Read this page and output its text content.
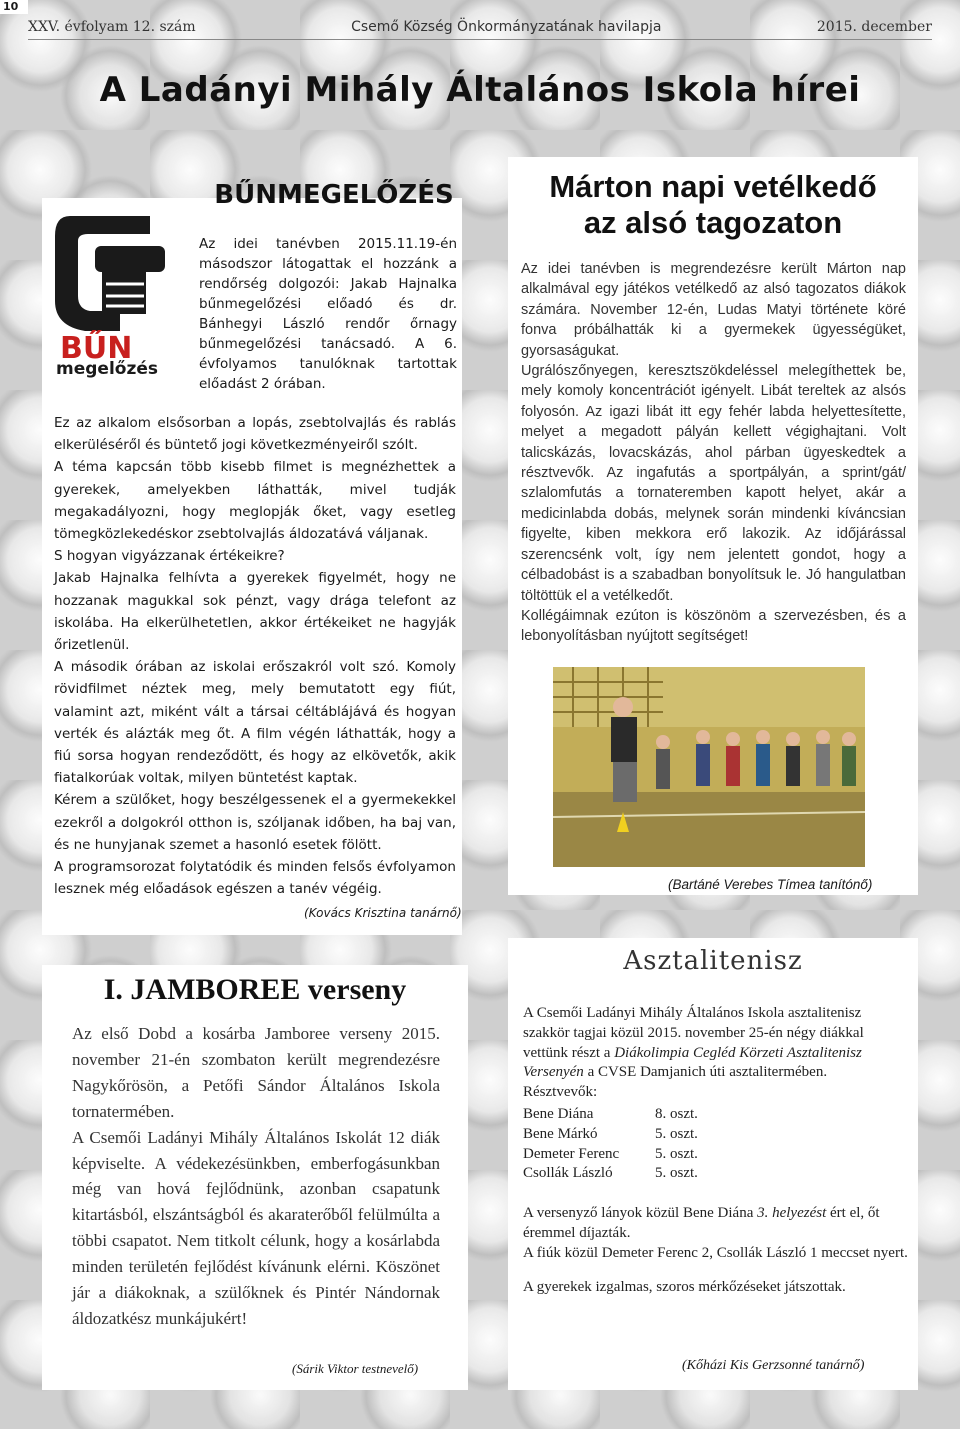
10
XXV. évfolyam 12. szám	Csemő Község Önkormányzatának havilapja	2015. december
A Ladányi Mihály Általános Iskola hírei
BŰN
megelőzés
BŰNMEGELŐZÉS
Az idei tanévben 2015.11.19-én másodszor látogattak el hozzánk a rendőrség dolgozói: Jakab Hajnalka bűnmegelőzési előadó és dr. Bánhegyi László rendőr őrnagy bűnmegelőzési tanácsadó. A 6. évfolyamos tanulóknak tartottak előadást 2 órában.

Ez az alkalom elsősorban a lopás, zsebtolvajlás és rablás elkerüléséről és büntető jogi következményeiről szólt.

A téma kapcsán több kisebb filmet is megnézhettek a gyerekek, amelyekben láthatták, mivel tudják megakadályozni, hogy meglopják őket, vagy esetleg tömegközlekedéskor zsebtolvajlás áldozatává váljanak.

S hogyan vigyázzanak értékeikre?

Jakab Hajnalka felhívta a gyerekek figyelmét, hogy ne hozzanak magukkal sok pénzt, vagy drága telefont az iskolába. Ha elkerülhetetlen, akkor értékeiket ne hagyják őrizetlenül.

A második órában az iskolai erőszakról volt szó. Komoly rövidfilmet néztek meg, mely bemutatott egy fiút, valamint azt, miként vált a társai céltáblájává és hogyan verték és alázták meg őt. A film végén láthatták, hogy a fiú sorsa hogyan rendeződött, és hogy az elkövetők, akik fiatalkorúak voltak, milyen büntetést kaptak.

Kérem a szülőket, hogy beszélgessenek el a gyermekekkel ezekről a dolgokról otthon is, szóljanak időben, ha baj van, és ne hunyjanak szemet a hasonló esetek fölött.

A programsorozat folytatódik és minden felsős évfolyamon lesznek még előadások egészen a tanév végéig.

(Kovács Krisztina tanárnő)
Márton napi vetélkedő
az alsó tagozaton

Az idei tanévben is megrendezésre került Márton nap alkalmával egy játékos vetélkedő az alsó tagozatos diákok számára. November 12-én, Ludas Matyi története köré fonva próbálhatták ki a gyermekek ügyességüket, gyorsaságukat.

Ugrálószőnyegen, keresztszökdeléssel melegíthettek be, mely komoly koncentrációt igényelt. Libát tereltek az alsós folyosón. Az igazi libát itt egy fehér labda helyettesítette, melyet a megadott pályán kellett végighajtani. Volt talicskázás, lovacskázás, ahol párban ügyeskedtek a résztvevők. Az ingafutás a sportpályán, a sprint/gát/ szlalomfutás a tornateremben kapott helyet, akár a medicinlabda dobás, melynek során mindenki kíváncsian figyelte, kiben mekkora erő lakozik. Az időjárással szerencsénk volt, így nem jelentett gondot, hogy a célbadobást is a szabadban bonyolítsuk le. Jó hangulatban töltöttük el a vetélkedőt.

Kollégáimnak ezúton is köszönöm a szervezésben, és a lebonyolításban nyújtott segítséget!

(Bartáné Verebes Tímea tanítónő)
I. JAMBOREE verseny

Az első Dobd a kosárba Jamboree verseny 2015. november 21-én szombaton került megrendezésre Nagykőrösön, a Petőfi Sándor Általános Iskola tornatermében.

A Csemői Ladányi Mihály Általános Iskolát 12 diák képviselte. A védekezésünkben, emberfogásunkban még van hová fejlődnünk, azonban csapatunk kitartásból, elszántságból és akaraterőből felülmúlta a többi csapatot. Nem titkolt célunk, hogy a kosárlabda minden területén fejlődést kívánunk elérni. Köszönet jár a diákoknak, a szülőknek és Pintér Nándornak áldozatkész munkájukért!

(Sárik Viktor testnevelő)
Asztalitenisz

A Csemői Ladányi Mihály Általános Iskola asztalitenisz szakkör tagjai közül 2015. november 25-én négy diákkal vettünk részt a Diákolimpia Cegléd Körzeti Asztalitenisz Versenyén a CVSE Damjanich úti asztalitermében.

Résztvevők:

Bene Diána	8. oszt.
Bene Márkó	5. oszt.
Demeter Ferenc	5. oszt.
Csollák László	5. oszt.

A versenyző lányok közül Bene Diána 3. helyezést ért el, őt éremmel díjazták.

A fiúk közül Demeter Ferenc 2, Csollák László 1 meccset nyert.

A gyerekek izgalmas, szoros mérkőzéseket játszottak.

(Kőházi Kis Gerzsonné tanárnő)
